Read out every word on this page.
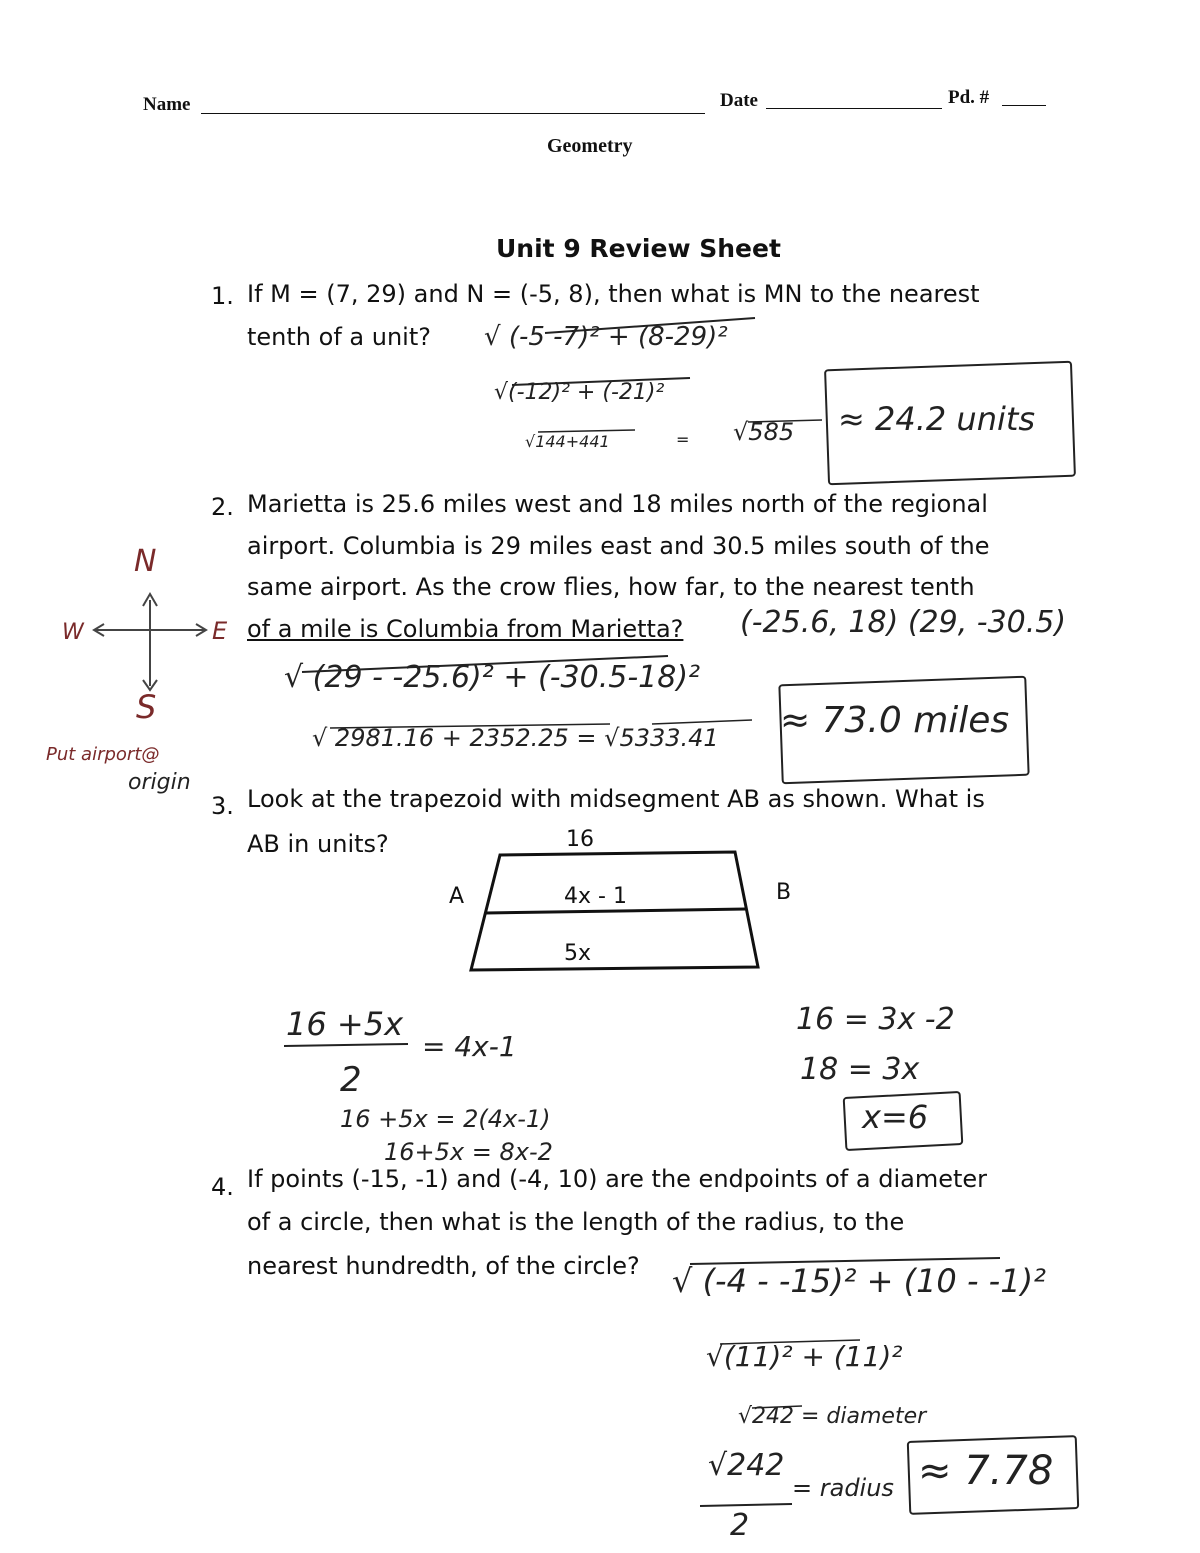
Name	Date	Pd. #
Geometry
Unit 9 Review Sheet
1. If M = (7, 29) and N = (-5, 8), then what is MN to the nearest
tenth of a unit? √ (-5 -7)² + (8-29)²
√(-12)² + (-21)²
√144+441	= √585 ≈ 24.2 units
2. Marietta is 25.6 miles west and 18 miles north of the regional
airport. Columbia is 29 miles east and 30.5 miles south of the
same airport. As the crow flies, how far, to the nearest tenth
of a mile is Columbia from Marietta? (-25.6, 18) (29, -30.5)
√ (29 - -25.6)² + (-30.5-18)²
√ 2981.16 + 2352.25 = √5333.41 ≈ 73.0 miles
N
E
S
W
Put airport@
origin
3. Look at the trapezoid with midsegment AB as shown. What is
AB in units?	16
4x - 1
5x
A	B
16 +5x
2
= 4x-1
16 +5x = 2(4x-1)
16+5x = 8x-2
16 = 3x -2
18 = 3x
x=6
4. If points (-15, -1) and (-4, 10) are the endpoints of a diameter
of a circle, then what is the length of the radius, to the
nearest hundredth, of the circle? √ (-4 - -15)² + (10 - -1)²
√(11)² + (11)²
√242 = diameter
√242
2
= radius ≈ 7.78
